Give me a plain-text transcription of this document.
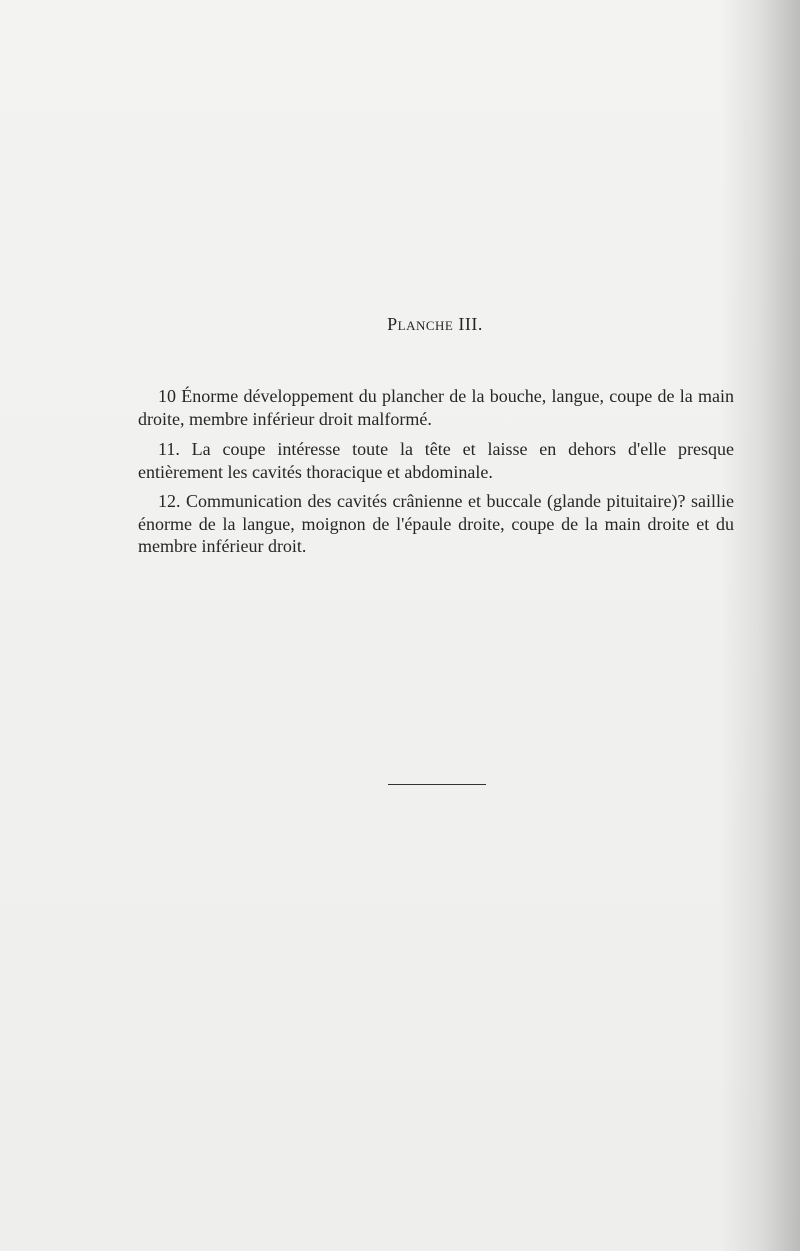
Planche III.

10 Énorme développement du plancher de la bouche, langue, coupe de la main droite, membre inférieur droit malformé.

11. La coupe intéresse toute la tête et laisse en dehors d'elle presque entièrement les cavités thoracique et abdominale.

12. Communication des cavités crânienne et buccale (glande pituitaire)? saillie énorme de la langue, moignon de l'épaule droite, coupe de la main droite et du membre inférieur droit.
